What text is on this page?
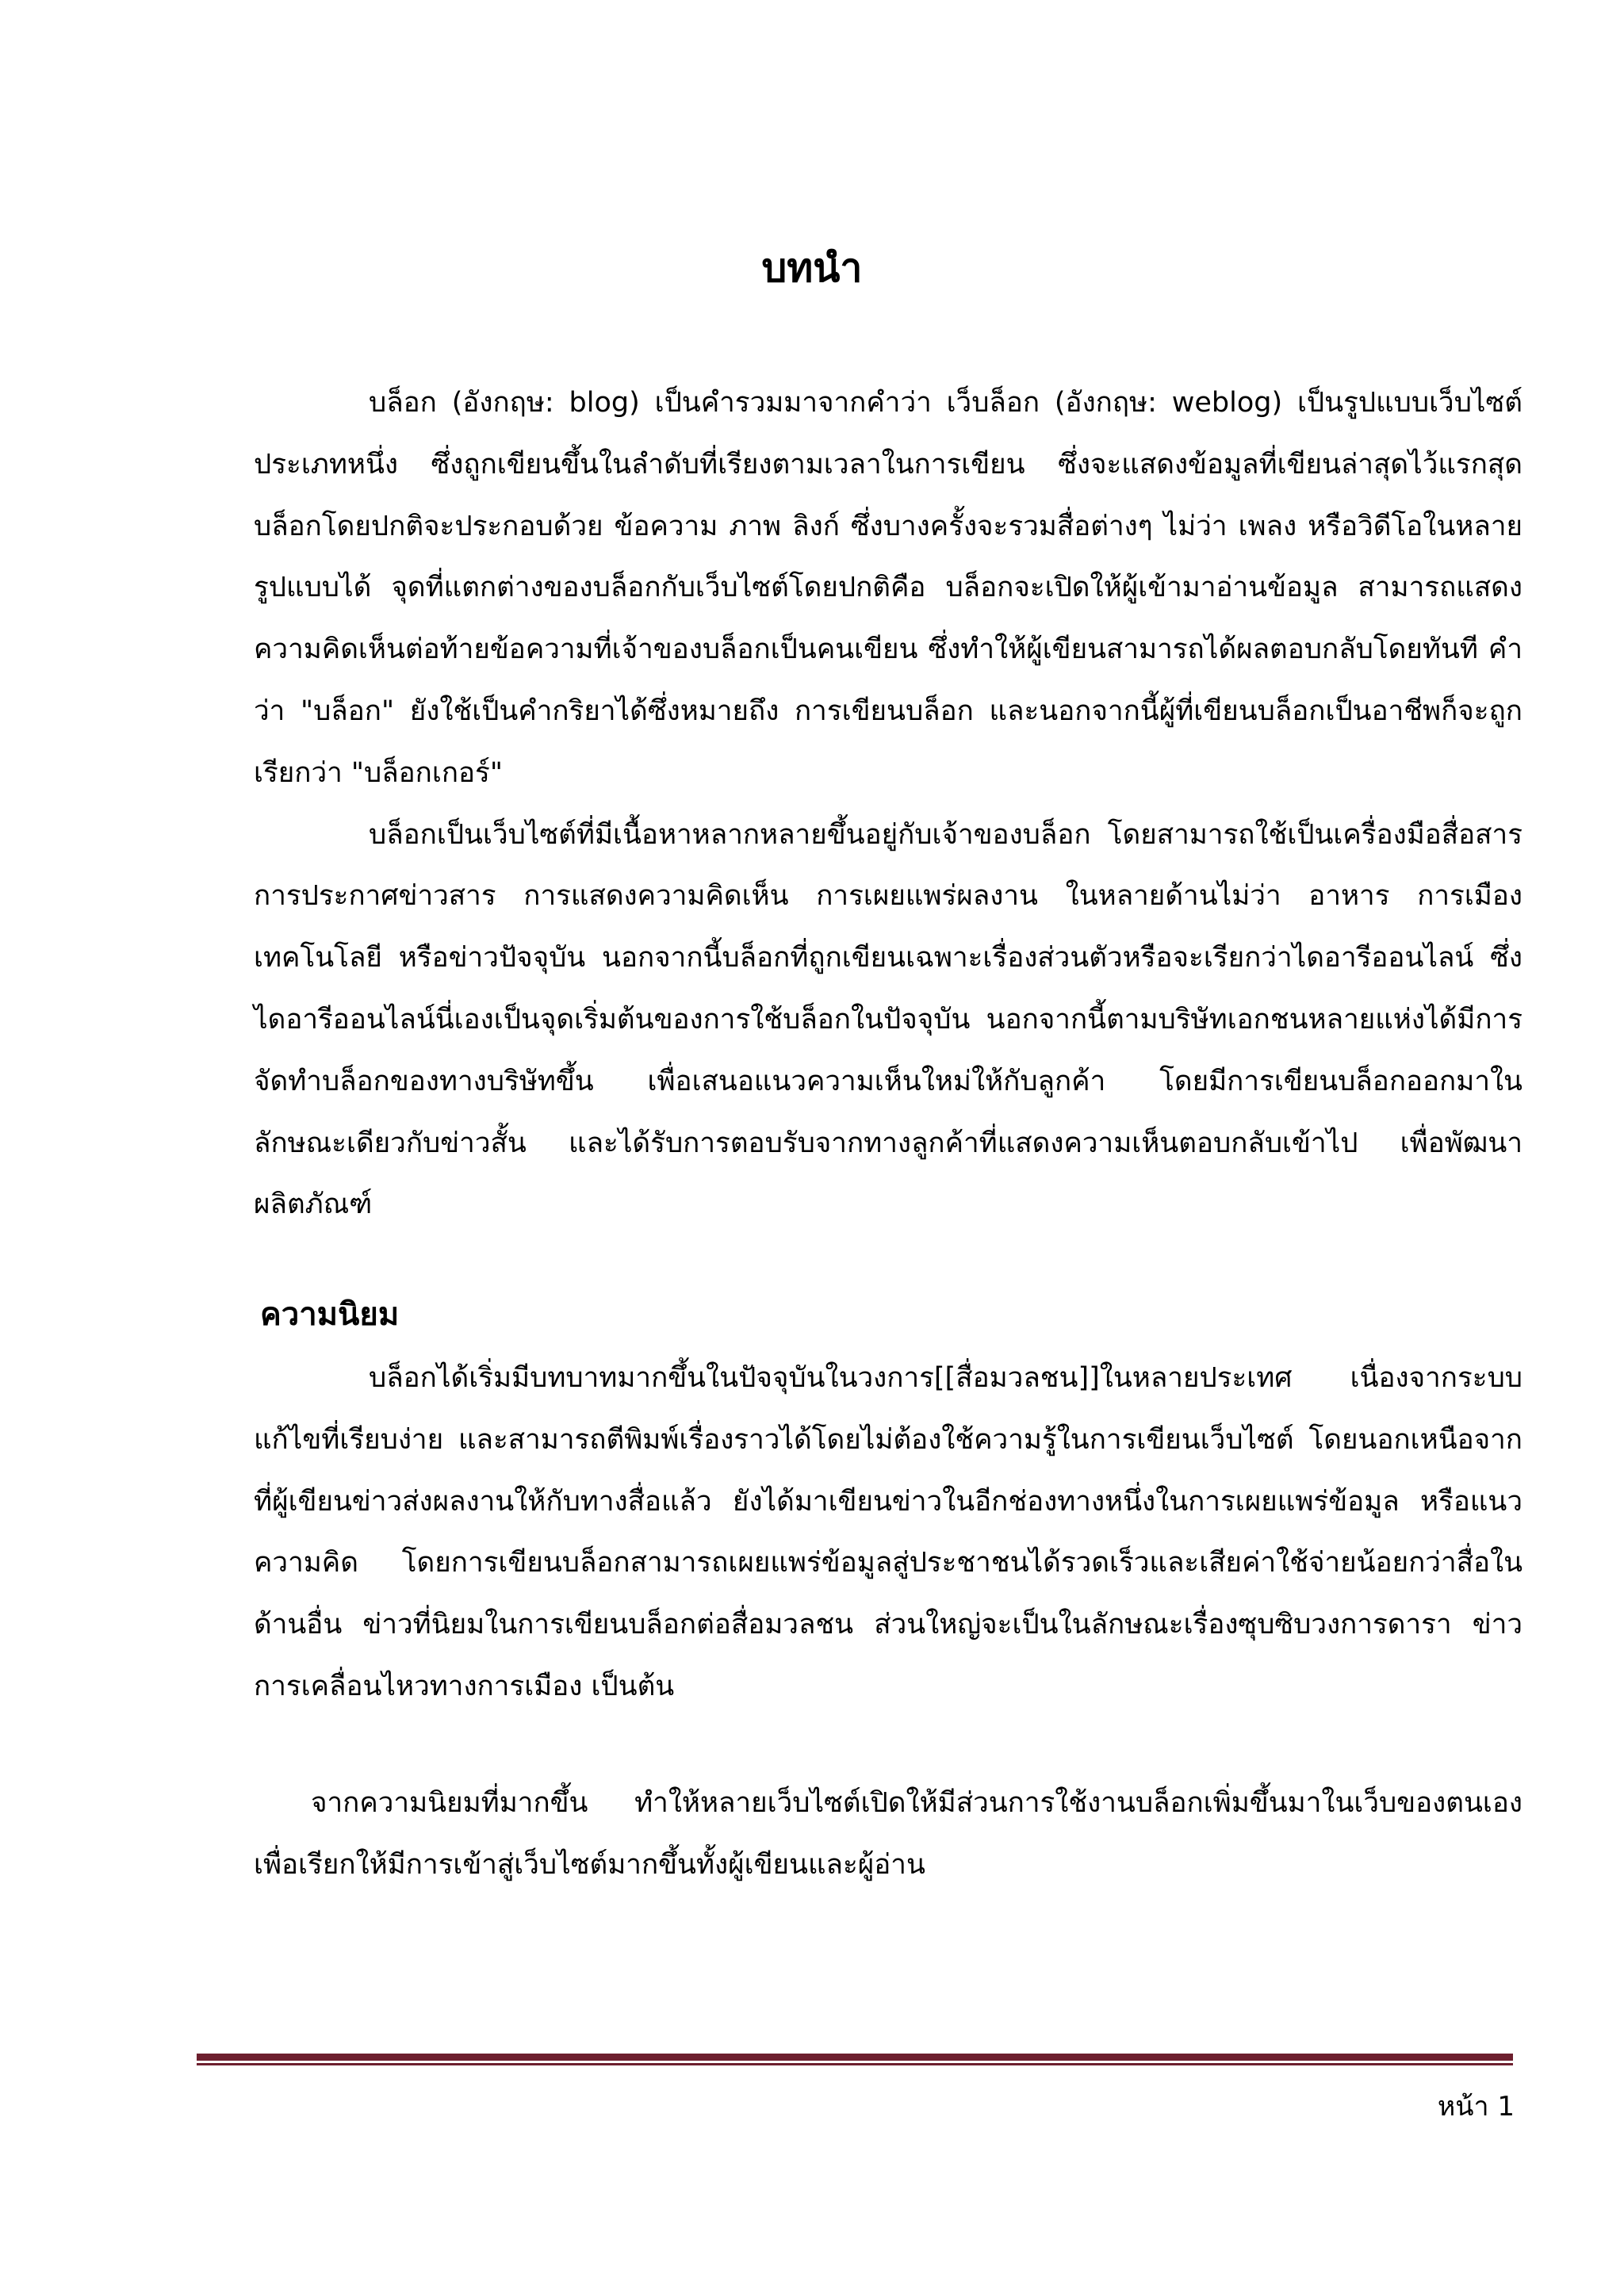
บทนำ

บล็อก (อังกฤษ: blog) เป็นคำรวมมาจากคำว่า เว็บล็อก (อังกฤษ: weblog) เป็นรูปแบบเว็บไซต์ประเภทหนึ่ง ซึ่งถูกเขียนขึ้นในลำดับที่เรียงตามเวลาในการเขียน ซึ่งจะแสดงข้อมูลที่เขียนล่าสุดไว้แรกสุด บล็อกโดยปกติจะประกอบด้วย ข้อความ ภาพ ลิงก์ ซึ่งบางครั้งจะรวมสื่อต่างๆ ไม่ว่า เพลง หรือวิดีโอในหลายรูปแบบได้ จุดที่แตกต่างของบล็อกกับเว็บไซต์โดยปกติคือ บล็อกจะเปิดให้ผู้เข้ามาอ่านข้อมูล สามารถแสดงความคิดเห็นต่อท้ายข้อความที่เจ้าของบล็อกเป็นคนเขียน ซึ่งทำให้ผู้เขียนสามารถได้ผลตอบกลับโดยทันที คำว่า "บล็อก" ยังใช้เป็นคำกริยาได้ซึ่งหมายถึง การเขียนบล็อก และนอกจากนี้ผู้ที่เขียนบล็อกเป็นอาชีพก็จะถูกเรียกว่า "บล็อกเกอร์"

บล็อกเป็นเว็บไซต์ที่มีเนื้อหาหลากหลายขึ้นอยู่กับเจ้าของบล็อก โดยสามารถใช้เป็นเครื่องมือสื่อสาร การประกาศข่าวสาร การแสดงความคิดเห็น การเผยแพร่ผลงาน ในหลายด้านไม่ว่า อาหาร การเมือง เทคโนโลยี หรือข่าวปัจจุบัน นอกจากนี้บล็อกที่ถูกเขียนเฉพาะเรื่องส่วนตัวหรือจะเรียกว่าไดอารีออนไลน์ ซึ่งไดอารีออนไลน์นี่เองเป็นจุดเริ่มต้นของการใช้บล็อกในปัจจุบัน นอกจากนี้ตามบริษัทเอกชนหลายแห่งได้มีการจัดทำบล็อกของทางบริษัทขึ้น เพื่อเสนอแนวความเห็นใหม่ให้กับลูกค้า โดยมีการเขียนบล็อกออกมาในลักษณะเดียวกับข่าวสั้น และได้รับการตอบรับจากทางลูกค้าที่แสดงความเห็นตอบกลับเข้าไป เพื่อพัฒนาผลิตภัณฑ์

ความนิยม

บล็อกได้เริ่มมีบทบาทมากขึ้นในปัจจุบันในวงการ[[สื่อมวลชน]]ในหลายประเทศ เนื่องจากระบบแก้ไขที่เรียบง่าย และสามารถตีพิมพ์เรื่องราวได้โดยไม่ต้องใช้ความรู้ในการเขียนเว็บไซต์ โดยนอกเหนือจากที่ผู้เขียนข่าวส่งผลงานให้กับทางสื่อแล้ว ยังได้มาเขียนข่าวในอีกช่องทางหนึ่งในการเผยแพร่ข้อมูล หรือแนวความคิด โดยการเขียนบล็อกสามารถเผยแพร่ข้อมูลสู่ประชาชนได้รวดเร็วและเสียค่าใช้จ่ายน้อยกว่าสื่อในด้านอื่น ข่าวที่นิยมในการเขียนบล็อกต่อสื่อมวลชน ส่วนใหญ่จะเป็นในลักษณะเรื่องซุบซิบวงการดารา ข่าวการเคลื่อนไหวทางการเมือง เป็นต้น

จากความนิยมที่มากขึ้น ทำให้หลายเว็บไซต์เปิดให้มีส่วนการใช้งานบล็อกเพิ่มขึ้นมาในเว็บของตนเอง เพื่อเรียกให้มีการเข้าสู่เว็บไซต์มากขึ้นทั้งผู้เขียนและผู้อ่าน

หน้า 1
